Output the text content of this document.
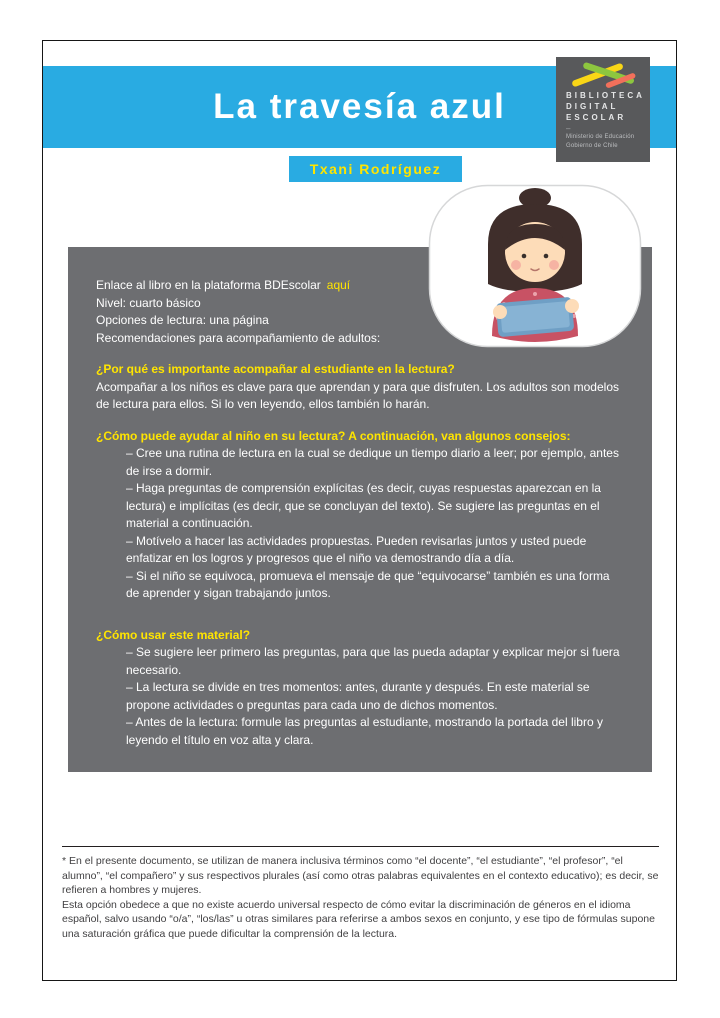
La travesía azul
Txani Rodríguez
BIBLIOTECA
DIGITAL
ESCOLAR
–
Ministerio de Educación
Gobierno de Chile

Enlace al libro en la plataforma BDEscolar aquí

Nivel: cuarto básico

Opciones de lectura: una página

Recomendaciones para acompañamiento de adultos:

¿Por qué es importante acompañar al estudiante en la lectura?

Acompañar a los niños es clave para que aprendan y para que disfruten. Los adultos son modelos de lectura para ellos. Si lo ven leyendo, ellos también lo harán.

¿Cómo puede ayudar al niño en su lectura? A continuación, van algunos consejos:

– Cree una rutina de lectura en la cual se dedique un tiempo diario a leer; por ejemplo, antes de irse a dormir.

– Haga preguntas de comprensión explícitas (es decir, cuyas respuestas aparezcan en la lectura) e implícitas (es decir, que se concluyan del texto). Se sugiere las preguntas en el material a continuación.

– Motívelo a hacer las actividades propuestas. Pueden revisarlas juntos y usted puede enfatizar en los logros y progresos que el niño va demostrando día a día.

– Si el niño se equivoca, promueva el mensaje de que “equivocarse” también es una forma de aprender y sigan trabajando juntos.

¿Cómo usar este material?

– Se sugiere leer primero las preguntas, para que las pueda adaptar y explicar mejor si fuera necesario.

– La lectura se divide en tres momentos: antes, durante y después. En este material se propone actividades o preguntas para cada uno de dichos momentos.

– Antes de la lectura: formule las preguntas al estudiante, mostrando la portada del libro y leyendo el título en voz alta y clara.

* En el presente documento, se utilizan de manera inclusiva términos como “el docente”, “el estudiante”, “el profesor”, “el alumno”, “el compañero” y sus respectivos plurales (así como otras palabras equivalentes en el contexto educativo); es decir, se refieren a hombres y mujeres.

Esta opción obedece a que no existe acuerdo universal respecto de cómo evitar la discriminación de géneros en el idioma español, salvo usando “o/a”, “los/las” u otras similares para referirse a ambos sexos en conjunto, y ese tipo de fórmulas supone una saturación gráfica que puede dificultar la comprensión de la lectura.
